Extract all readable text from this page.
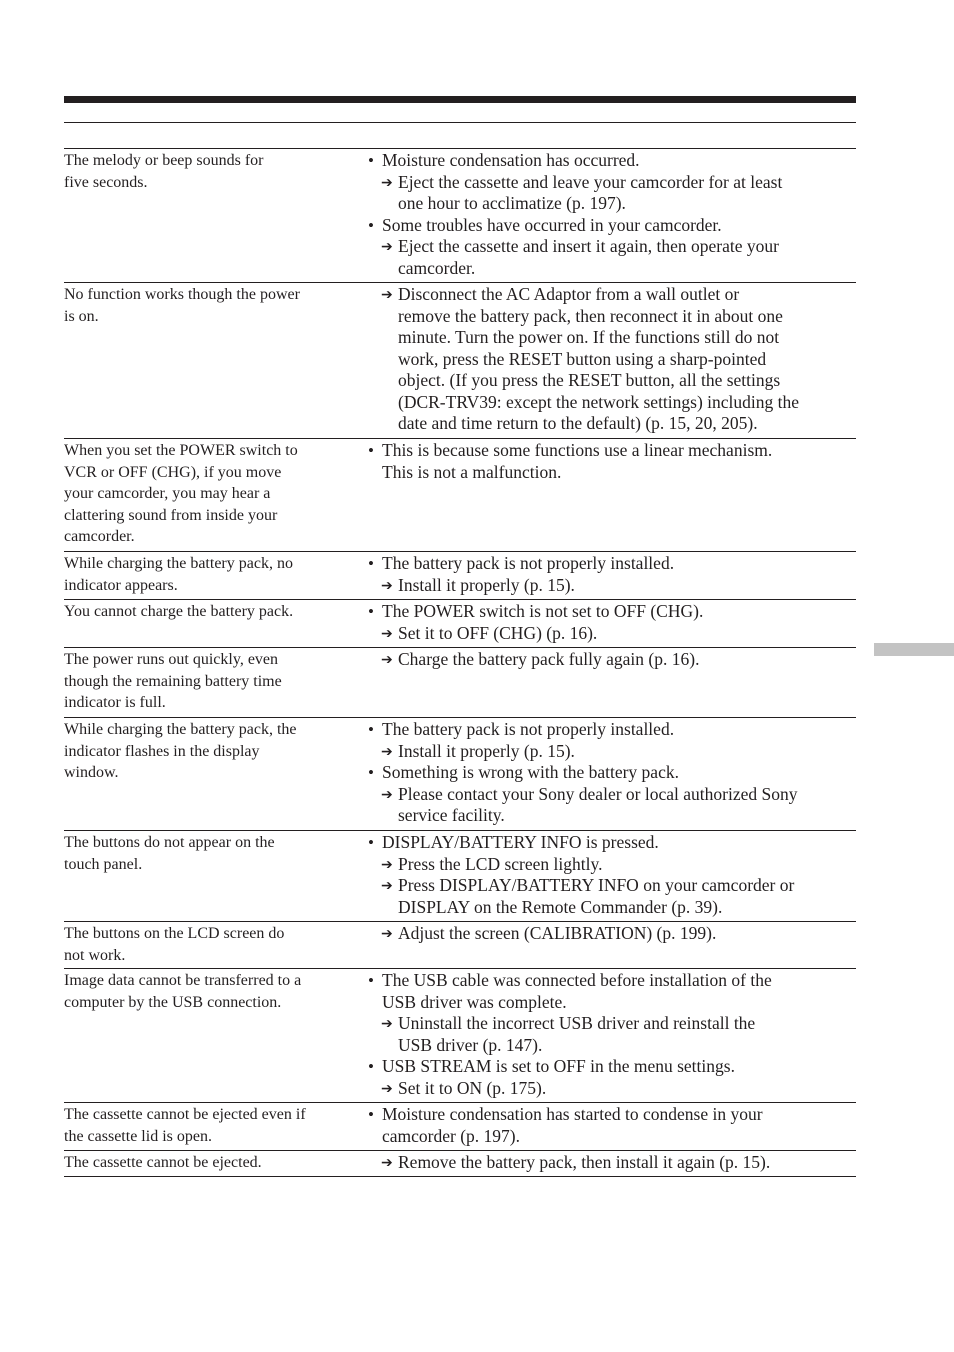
The melody or beep sounds for
five seconds.
• Moisture condensation has occurred.
➔ Eject the cassette and leave your camcorder for at least
one hour to acclimatize (p. 197).
• Some troubles have occurred in your camcorder.
➔ Eject the cassette and insert it again, then operate your
camcorder.
No function works though the power
is on.
➔ Disconnect the AC Adaptor from a wall outlet or
remove the battery pack, then reconnect it in about one
minute. Turn the power on. If the functions still do not
work, press the RESET button using a sharp-pointed
object. (If you press the RESET button, all the settings
(DCR-TRV39: except the network settings) including the
date and time return to the default) (p. 15, 20, 205).
When you set the POWER switch to
VCR or OFF (CHG), if you move
your camcorder, you may hear a
clattering sound from inside your
camcorder.
• This is because some functions use a linear mechanism.
This is not a malfunction.
While charging the battery pack, no
indicator appears.
• The battery pack is not properly installed.
➔ Install it properly (p. 15).
You cannot charge the battery pack.	• The POWER switch is not set to OFF (CHG).
➔ Set it to OFF (CHG) (p. 16).
The power runs out quickly, even
though the remaining battery time
indicator is full.
➔ Charge the battery pack fully again (p. 16).
While charging the battery pack, the
indicator flashes in the display
window.
• The battery pack is not properly installed.
➔ Install it properly (p. 15).
• Something is wrong with the battery pack.
➔ Please contact your Sony dealer or local authorized Sony
service facility.
The buttons do not appear on the
touch panel.
• DISPLAY/BATTERY INFO is pressed.
➔ Press the LCD screen lightly.
➔ Press DISPLAY/BATTERY INFO on your camcorder or
DISPLAY on the Remote Commander (p. 39).
The buttons on the LCD screen do
not work.
➔ Adjust the screen (CALIBRATION) (p. 199).
Image data cannot be transferred to a
computer by the USB connection.
• The USB cable was connected before installation of the
USB driver was complete.
➔ Uninstall the incorrect USB driver and reinstall the
USB driver (p. 147).
• USB STREAM is set to OFF in the menu settings.
➔ Set it to ON (p. 175).
The cassette cannot be ejected even if
the cassette lid is open.
• Moisture condensation has started to condense in your
camcorder (p. 197).
The cassette cannot be ejected.	➔ Remove the battery pack, then install it again (p. 15).
